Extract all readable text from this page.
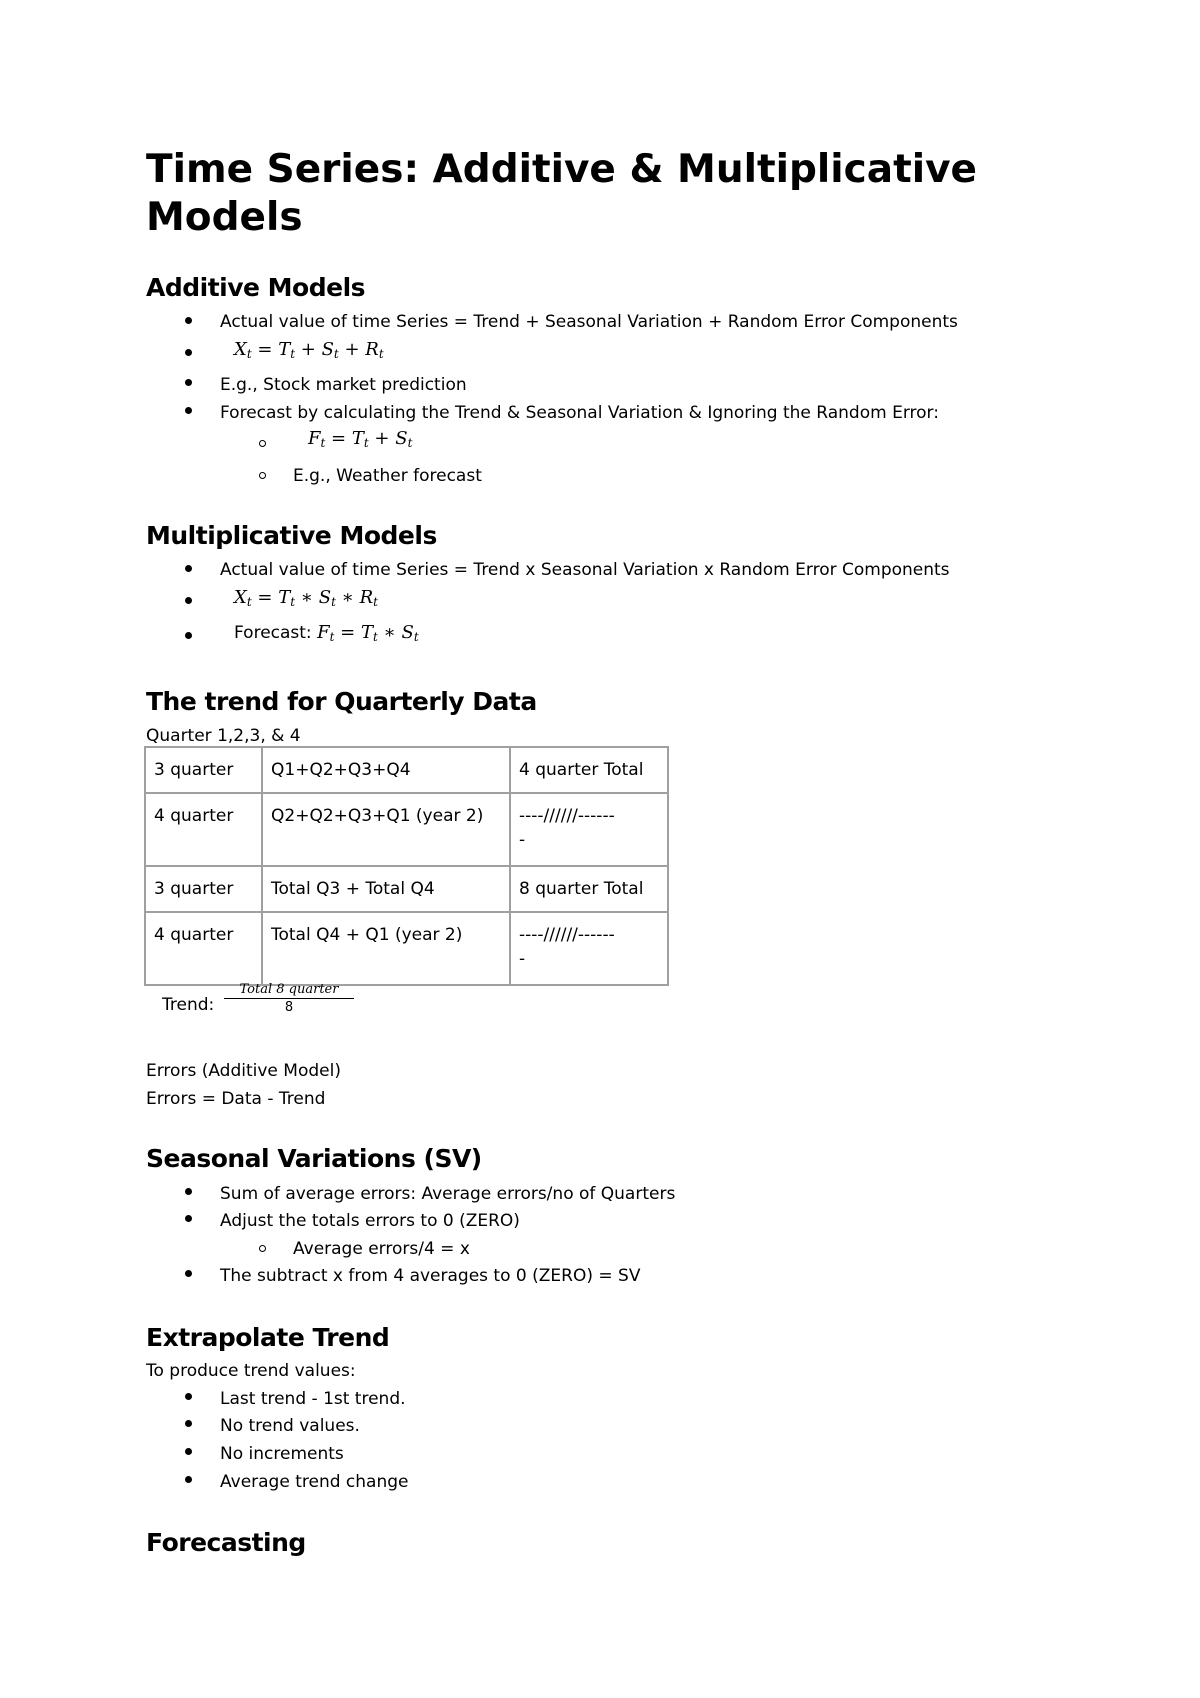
Time Series: Additive & Multiplicative Models
Additive Models
Actual value of time Series = Trend + Seasonal Variation + Random Error Components
$X_t = T_t + S_t + R_t$
E.g., Stock market prediction
Forecast by calculating the Trend & Seasonal Variation & Ignoring the Random Error:
$F_t = T_t + S_t$
E.g., Weather forecast
Multiplicative Models
Actual value of time Series = Trend x Seasonal Variation x Random Error Components
$X_t = T_t$ ∗ $S_t$ ∗ $R_t$
Forecast: $F_t = T_t$ ∗ $S_t$
The trend for Quarterly Data
Quarter 1,2,3, & 4
3 quarter	Q1+Q2+Q3+Q4	4 quarter Total
4 quarter	Q2+Q2+Q3+Q1 (year 2)	----//////------
-
3 quarter	Total Q3 + Total Q4	8 quarter Total
4 quarter	Total Q4 + Q1 (year 2)	----//////------
-
Trend:
Total 8 quarter
8
Errors (Additive Model)
Errors = Data - Trend
Seasonal Variations (SV)
Sum of average errors: Average errors/no of Quarters
Adjust the totals errors to 0 (ZERO)
Average errors/4 = x
The subtract x from 4 averages to 0 (ZERO) = SV
Extrapolate Trend
To produce trend values:
Last trend - 1st trend.
No trend values.
No increments
Average trend change
Forecasting
